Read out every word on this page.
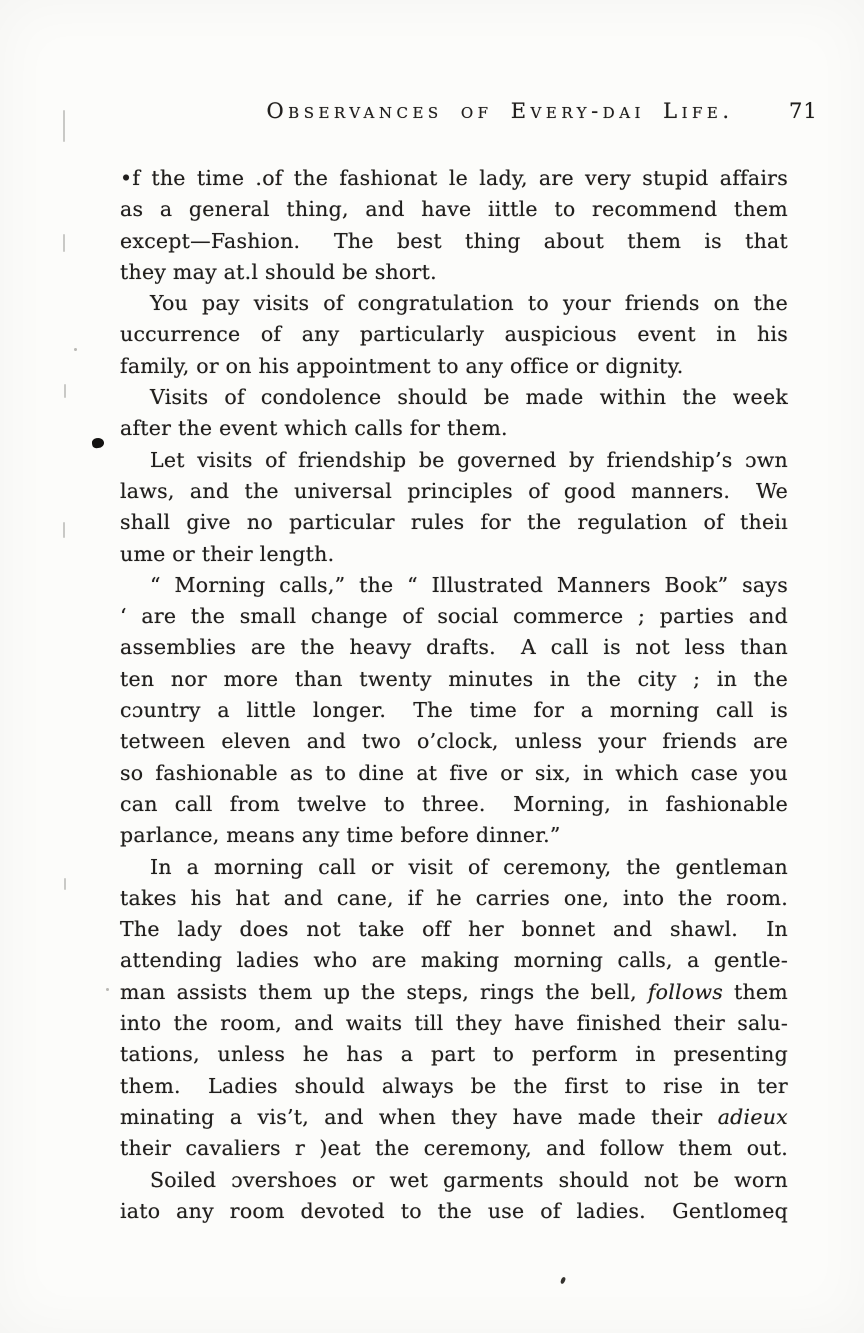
Observances of Every-daı Life.	71
•f the time .of the fashionat le lady, are very stupid affairs
as a general thing, and have iittle to recommend them
except—Fashion.  The best thing about them is that
they may at.l should be short.
You pay visits of congratulation to your friends on the
uccurrence of any particularly auspicious event in his
family, or on his appointment to any office or dignity.
Visits of condolence should be made within the week
after the event which calls for them.
Let visits of friendship be governed by friendship’s ɔwn
laws, and the universal principles of good manners.  We
shall give no particular rules for the regulation of theiı
ume or their length.
“ Morning calls,” the “ Illustrated Manners Book” says
‘ are the small change of social commerce ; parties and
assemblies are the heavy drafts.  A call is not less than
ten nor more than twenty minutes in the city ; in the
cɔuntry a little longer.  The time for a morning call is
tetween eleven and two o’clock, unless your friends are
so fashionable as to dine at five or six, in which case you
can call from twelve to three.  Morning, in fashionable
parlance, means any time before dinner.”
In a morning call or visit of ceremony, the gentleman
takes his hat and cane, if he carries one, into the room.
The lady does not take off her bonnet and shawl.  In
attending ladies who are making morning calls, a gentle-
man assists them up the steps, rings the bell, follows them
into the room, and waits till they have finished their salu-
tations, unless he has a part to perform in presenting
them.  Ladies should always be the first to rise in ter
minating a vis’t, and when they have made their adieux
their cavaliers r )eat the ceremony, and follow them out.
Soiled ɔvershoes or wet garments should not be worn
iato any room devoted to the use of ladies.  Gentlomeq
